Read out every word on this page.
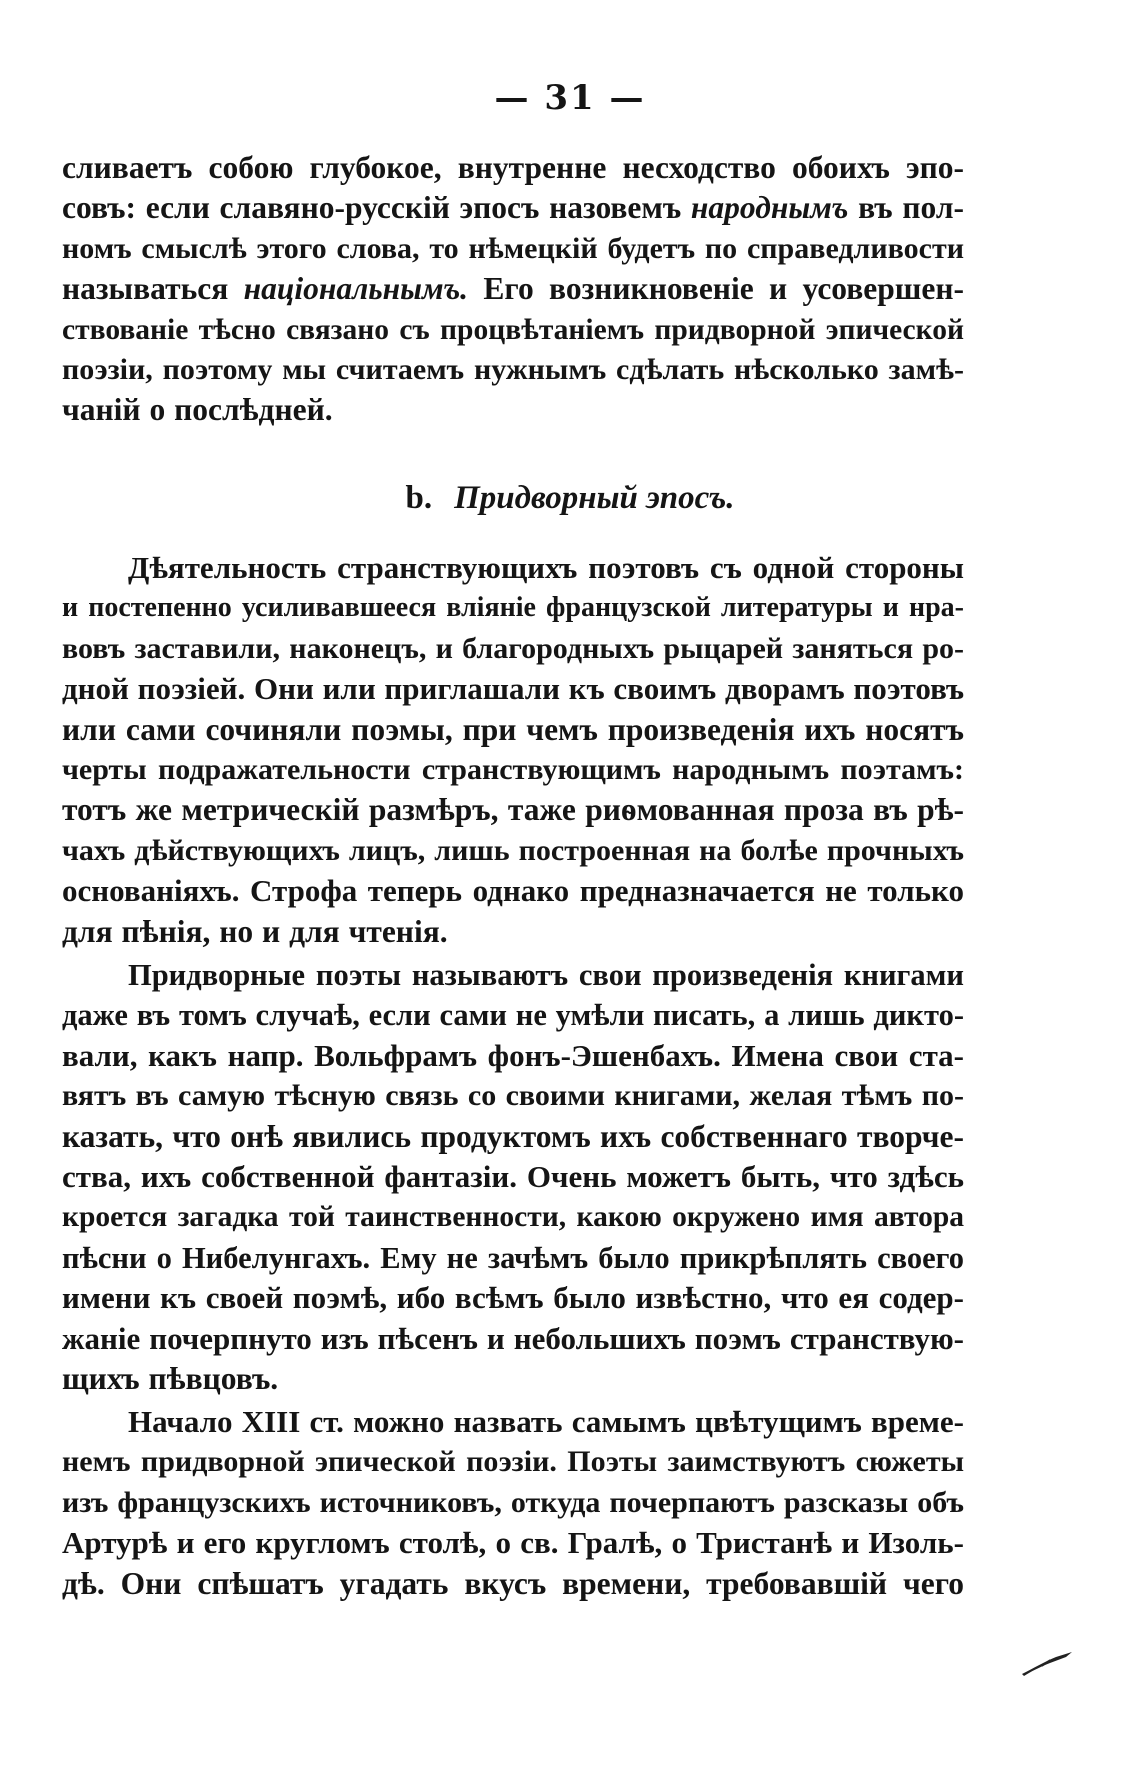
— 31 —
сливаетъ собою глубокое, внутренне несходство обоихъ эпо-
совъ: если славяно-русскій эпосъ назовемъ народнымъ въ пол-
номъ смыслѣ этого слова, то нѣмецкій будетъ по справедливости
называться національнымъ. Его возникновеніе и усовершен-
ствованіе тѣсно связано съ процвѣтаніемъ придворной эпической
поэзіи, поэтому мы считаемъ нужнымъ сдѣлать нѣсколько замѣ-
чаній о послѣдней.
b. Придворный эпосъ.
Дѣятельность странствующихъ поэтовъ съ одной стороны
и постепенно усиливавшееся вліяніе французской литературы и нра-
вовъ заставили, наконецъ, и благородныхъ рыцарей заняться ро-
дной поэзіей. Они или приглашали къ своимъ дворамъ поэтовъ
или сами сочиняли поэмы, при чемъ произведенія ихъ носятъ
черты подражательности странствующимъ народнымъ поэтамъ:
тотъ же метрическій размѣръ, таже риѳмованная проза въ рѣ-
чахъ дѣйствующихъ лицъ, лишь построенная на болѣе прочныхъ
основаніяхъ. Строфа теперь однако предназначается не только
для пѣнія, но и для чтенія.
Придворные поэты называютъ свои произведенія книгами
даже въ томъ случаѣ, если сами не умѣли писать, а лишь дикто-
вали, какъ напр. Вольфрамъ фонъ-Эшенбахъ. Имена свои ста-
вятъ въ самую тѣсную связь со своими книгами, желая тѣмъ по-
казать, что онѣ явились продуктомъ ихъ собственнаго творче-
ства, ихъ собственной фантазіи. Очень можетъ быть, что здѣсь
кроется загадка той таинственности, какою окружено имя автора
пѣсни о Нибелунгахъ. Ему не зачѣмъ было прикрѣплять своего
имени къ своей поэмѣ, ибо всѣмъ было извѣстно, что ея содер-
жаніе почерпнуто изъ пѣсенъ и небольшихъ поэмъ странствую-
щихъ пѣвцовъ.
Начало XIII ст. можно назвать самымъ цвѣтущимъ време-
немъ придворной эпической поэзіи. Поэты заимствуютъ сюжеты
изъ французскихъ источниковъ, откуда почерпаютъ разсказы объ
Артурѣ и его кругломъ столѣ, о св. Гралѣ, о Тристанѣ и Изоль-
дѣ. Они спѣшатъ угадать вкусъ времени, требовавшій чего
